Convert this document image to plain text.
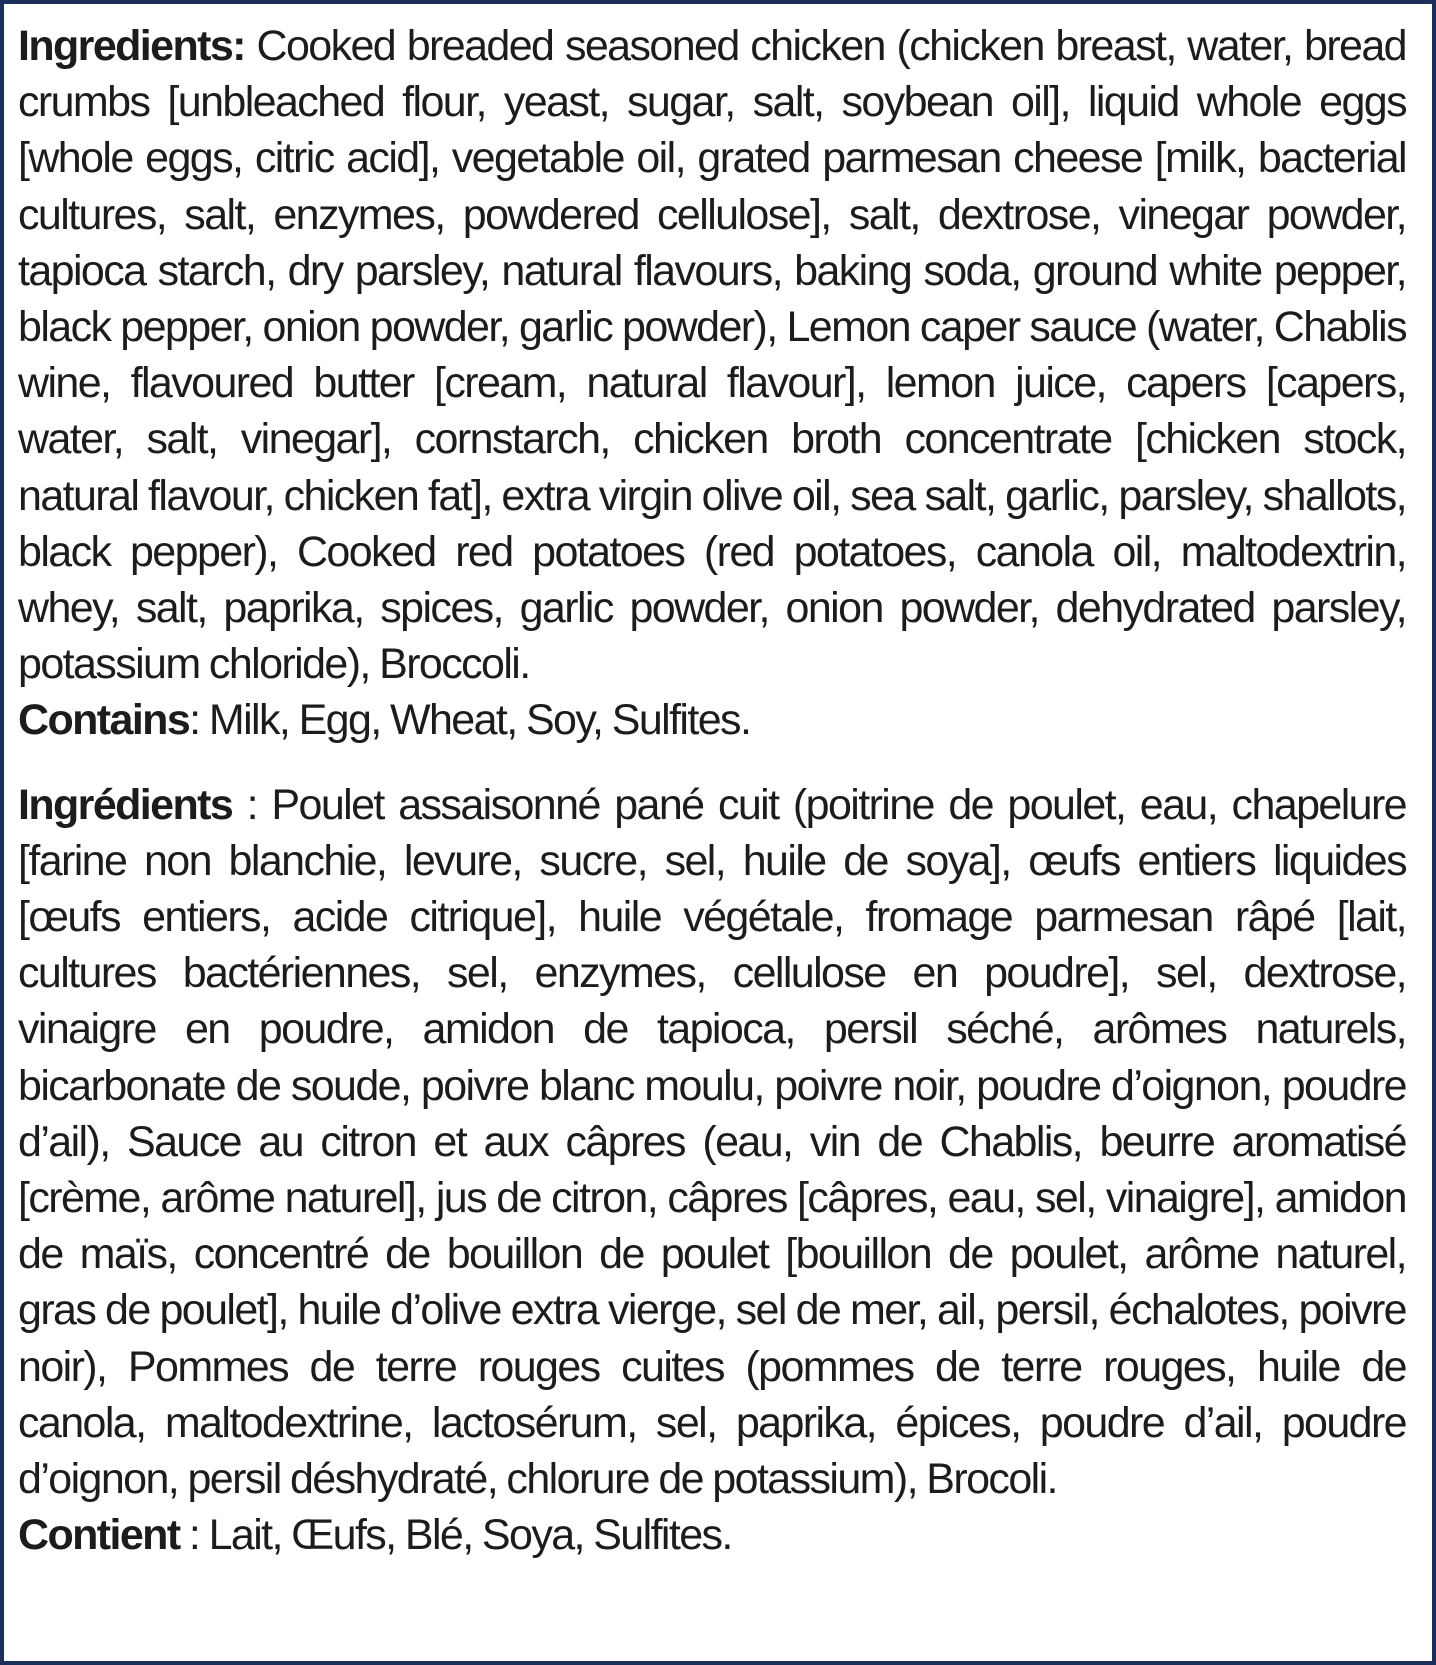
Ingredients: Cooked breaded seasoned chicken (chicken breast, water, bread crumbs [unbleached flour, yeast, sugar, salt, soybean oil], liquid whole eggs [whole eggs, citric acid], vegetable oil, grated parmesan cheese [milk, bacterial cultures, salt, enzymes, powdered cellulose], salt, dextrose, vinegar powder, tapioca starch, dry parsley, natural flavours, baking soda, ground white pepper, black pepper, onion powder, garlic powder), Lemon caper sauce (water, Chablis wine, flavoured butter [cream, natural flavour], lemon juice, capers [capers, water, salt, vinegar], cornstarch, chicken broth concentrate [chicken stock, natural flavour, chicken fat], extra virgin olive oil, sea salt, garlic, parsley, shallots, black pepper), Cooked red potatoes (red potatoes, canola oil, maltodextrin, whey, salt, paprika, spices, garlic powder, onion powder, dehydrated parsley, potassium chloride), Broccoli.

Contains: Milk, Egg, Wheat, Soy, Sulfites.

Ingrédients : Poulet assaisonné pané cuit (poitrine de poulet, eau, chapelure [farine non blanchie, levure, sucre, sel, huile de soya], œufs entiers liquides [œufs entiers, acide citrique], huile végétale, fromage parmesan râpé [lait, cultures bactériennes, sel, enzymes, cellulose en poudre], sel, dextrose, vinaigre en poudre, amidon de tapioca, persil séché, arômes naturels, bicarbonate de soude, poivre blanc moulu, poivre noir, poudre d’oignon, poudre d’ail), Sauce au citron et aux câpres (eau, vin de Chablis, beurre aromatisé [crème, arôme naturel], jus de citron, câpres [câpres, eau, sel, vinaigre], amidon de maïs, concentré de bouillon de poulet [bouillon de poulet, arôme naturel, gras de poulet], huile d’olive extra vierge, sel de mer, ail, persil, échalotes, poivre noir), Pommes de terre rouges cuites (pommes de terre rouges, huile de canola, maltodextrine, lactosérum, sel, paprika, épices, poudre d’ail, poudre d’oignon, persil déshydraté, chlorure de potassium), Brocoli.

Contient : Lait, Œufs, Blé, Soya, Sulfites.
